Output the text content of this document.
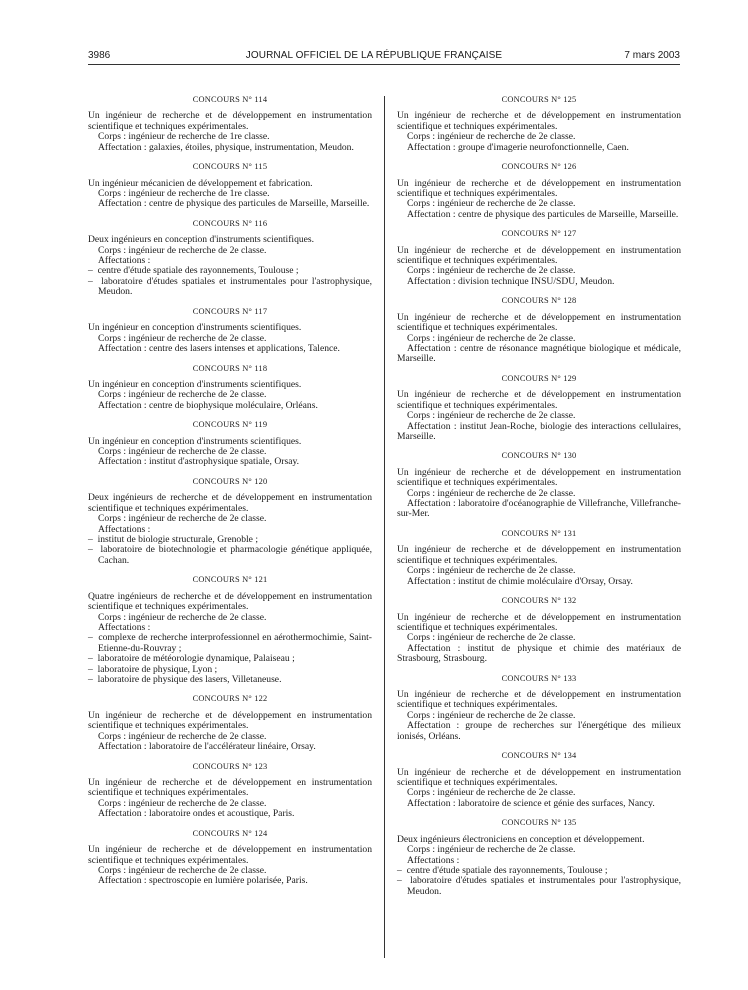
3986	JOURNAL OFFICIEL DE LA RÉPUBLIQUE FRANÇAISE	7 mars 2003
CONCOURS N° 114

Un ingénieur de recherche et de développement en instrumentation scientifique et techniques expérimentales.

Corps : ingénieur de recherche de 1re classe.

Affectation : galaxies, étoiles, physique, instrumentation, Meudon.

CONCOURS N° 115

Un ingénieur mécanicien de développement et fabrication.

Corps : ingénieur de recherche de 1re classe.

Affectation : centre de physique des particules de Marseille, Marseille.

CONCOURS N° 116

Deux ingénieurs en conception d'instruments scientifiques.

Corps : ingénieur de recherche de 2e classe.

Affectations :

–  centre d'étude spatiale des rayonnements, Toulouse ;
–  laboratoire d'études spatiales et instrumentales pour l'astrophysique, Meudon.
CONCOURS N° 117

Un ingénieur en conception d'instruments scientifiques.

Corps : ingénieur de recherche de 2e classe.

Affectation : centre des lasers intenses et applications, Talence.

CONCOURS N° 118

Un ingénieur en conception d'instruments scientifiques.

Corps : ingénieur de recherche de 2e classe.

Affectation : centre de biophysique moléculaire, Orléans.

CONCOURS N° 119

Un ingénieur en conception d'instruments scientifiques.

Corps : ingénieur de recherche de 2e classe.

Affectation : institut d'astrophysique spatiale, Orsay.

CONCOURS N° 120

Deux ingénieurs de recherche et de développement en instrumentation scientifique et techniques expérimentales.

Corps : ingénieur de recherche de 2e classe.

Affectations :

–  institut de biologie structurale, Grenoble ;
–  laboratoire de biotechnologie et pharmacologie génétique appliquée, Cachan.
CONCOURS N° 121

Quatre ingénieurs de recherche et de développement en instrumentation scientifique et techniques expérimentales.

Corps : ingénieur de recherche de 2e classe.

Affectations :

–  complexe de recherche interprofessionnel en aérothermochimie, Saint-Etienne-du-Rouvray ;
–  laboratoire de météorologie dynamique, Palaiseau ;
–  laboratoire de physique, Lyon ;
–  laboratoire de physique des lasers, Villetaneuse.
CONCOURS N° 122

Un ingénieur de recherche et de développement en instrumentation scientifique et techniques expérimentales.

Corps : ingénieur de recherche de 2e classe.

Affectation : laboratoire de l'accélérateur linéaire, Orsay.

CONCOURS N° 123

Un ingénieur de recherche et de développement en instrumentation scientifique et techniques expérimentales.

Corps : ingénieur de recherche de 2e classe.

Affectation : laboratoire ondes et acoustique, Paris.

CONCOURS N° 124

Un ingénieur de recherche et de développement en instrumentation scientifique et techniques expérimentales.

Corps : ingénieur de recherche de 2e classe.

Affectation : spectroscopie en lumière polarisée, Paris.

CONCOURS N° 125

Un ingénieur de recherche et de développement en instrumentation scientifique et techniques expérimentales.

Corps : ingénieur de recherche de 2e classe.

Affectation : groupe d'imagerie neurofonctionnelle, Caen.

CONCOURS N° 126

Un ingénieur de recherche et de développement en instrumentation scientifique et techniques expérimentales.

Corps : ingénieur de recherche de 2e classe.

Affectation : centre de physique des particules de Marseille, Marseille.

CONCOURS N° 127

Un ingénieur de recherche et de développement en instrumentation scientifique et techniques expérimentales.

Corps : ingénieur de recherche de 2e classe.

Affectation : division technique INSU/SDU, Meudon.

CONCOURS N° 128

Un ingénieur de recherche et de développement en instrumentation scientifique et techniques expérimentales.

Corps : ingénieur de recherche de 2e classe.

Affectation : centre de résonance magnétique biologique et médicale, Marseille.

CONCOURS N° 129

Un ingénieur de recherche et de développement en instrumentation scientifique et techniques expérimentales.

Corps : ingénieur de recherche de 2e classe.

Affectation : institut Jean-Roche, biologie des interactions cellulaires, Marseille.

CONCOURS N° 130

Un ingénieur de recherche et de développement en instrumentation scientifique et techniques expérimentales.

Corps : ingénieur de recherche de 2e classe.

Affectation : laboratoire d'océanographie de Villefranche, Villefranche-sur-Mer.

CONCOURS N° 131

Un ingénieur de recherche et de développement en instrumentation scientifique et techniques expérimentales.

Corps : ingénieur de recherche de 2e classe.

Affectation : institut de chimie moléculaire d'Orsay, Orsay.

CONCOURS N° 132

Un ingénieur de recherche et de développement en instrumentation scientifique et techniques expérimentales.

Corps : ingénieur de recherche de 2e classe.

Affectation : institut de physique et chimie des matériaux de Strasbourg, Strasbourg.

CONCOURS N° 133

Un ingénieur de recherche et de développement en instrumentation scientifique et techniques expérimentales.

Corps : ingénieur de recherche de 2e classe.

Affectation : groupe de recherches sur l'énergétique des milieux ionisés, Orléans.

CONCOURS N° 134

Un ingénieur de recherche et de développement en instrumentation scientifique et techniques expérimentales.

Corps : ingénieur de recherche de 2e classe.

Affectation : laboratoire de science et génie des surfaces, Nancy.

CONCOURS N° 135

Deux ingénieurs électroniciens en conception et développement.

Corps : ingénieur de recherche de 2e classe.

Affectations :

–  centre d'étude spatiale des rayonnements, Toulouse ;
–  laboratoire d'études spatiales et instrumentales pour l'astrophysique, Meudon.
